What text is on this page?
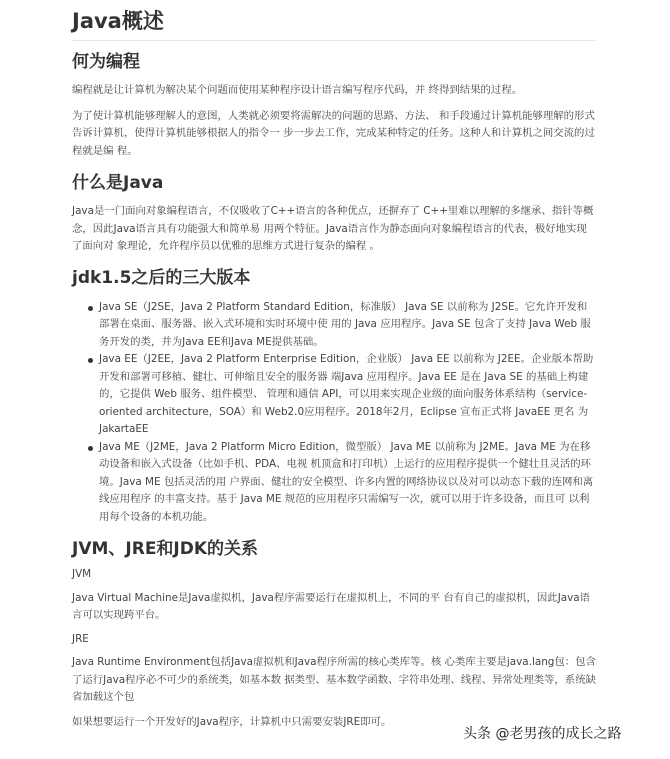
Java概述
何为编程

编程就是让计算机为解决某个问题而使用某种程序设计语言编写程序代码，并 终得到结果的过程。

为了使计算机能够理解人的意图，人类就必须要将需解决的问题的思路、方法、 和手段通过计算机能够理解的形式告诉计算机，使得计算机能够根据人的指令一 步一步去工作，完成某种特定的任务。这种人和计算机之间交流的过程就是编 程。

什么是Java

Java是一门面向对象编程语言，不仅吸收了C++语言的各种优点，还摒弃了 C++里难以理解的多继承、指针等概念，因此Java语言具有功能强大和简单易 用两个特征。Java语言作为静态面向对象编程语言的代表，极好地实现了面向对 象理论，允许程序员以优雅的思维方式进行复杂的编程 。

jdk1.5之后的三大版本
Java SE（J2SE，Java 2 Platform Standard Edition，标准版） Java SE 以前称为 J2SE。它允许开发和部署在桌面、服务器、嵌入式环境和实时环境中使 用的 Java 应用程序。Java SE 包含了支持 Java Web 服务开发的类，并为Java EE和Java ME提供基础。
Java EE（J2EE，Java 2 Platform Enterprise Edition，企业版） Java EE 以前称为 J2EE。企业版本帮助开发和部署可移植、健壮、可伸缩且安全的服务器 端Java 应用程序。Java EE 是在 Java SE 的基础上构建的，它提供 Web 服务、组件模型、 管理和通信 API，可以用来实现企业级的面向服务体系结构（service-oriented architecture，SOA）和 Web2.0应用程序。2018年2月，Eclipse 宣布正式将 JavaEE 更名 为 JakartaEE
Java ME（J2ME，Java 2 Platform Micro Edition，微型版） Java ME 以前称为 J2ME。Java ME 为在移动设备和嵌入式设备（比如手机、PDA、电视 机顶盒和打印机）上运行的应用程序提供一个健壮且灵活的环境。Java ME 包括灵活的用 户界面、健壮的安全模型、许多内置的网络协议以及对可以动态下载的连网和离线应用程序 的丰富支持。基于 Java ME 规范的应用程序只需编写一次，就可以用于许多设备，而且可 以利用每个设备的本机功能。
JVM、JRE和JDK的关系

JVM

Java Virtual Machine是Java虚拟机，Java程序需要运行在虚拟机上，不同的平 台有自己的虚拟机，因此Java语言可以实现跨平台。

JRE

Java Runtime Environment包括Java虚拟机和Java程序所需的核心类库等。核 心类库主要是java.lang包：包含了运行Java程序必不可少的系统类，如基本数 据类型、基本数学函数、字符串处理、线程、异常处理类等，系统缺省加载这个包

如果想要运行一个开发好的Java程序，计算机中只需要安装JRE即可。

头条 @老男孩的成长之路
